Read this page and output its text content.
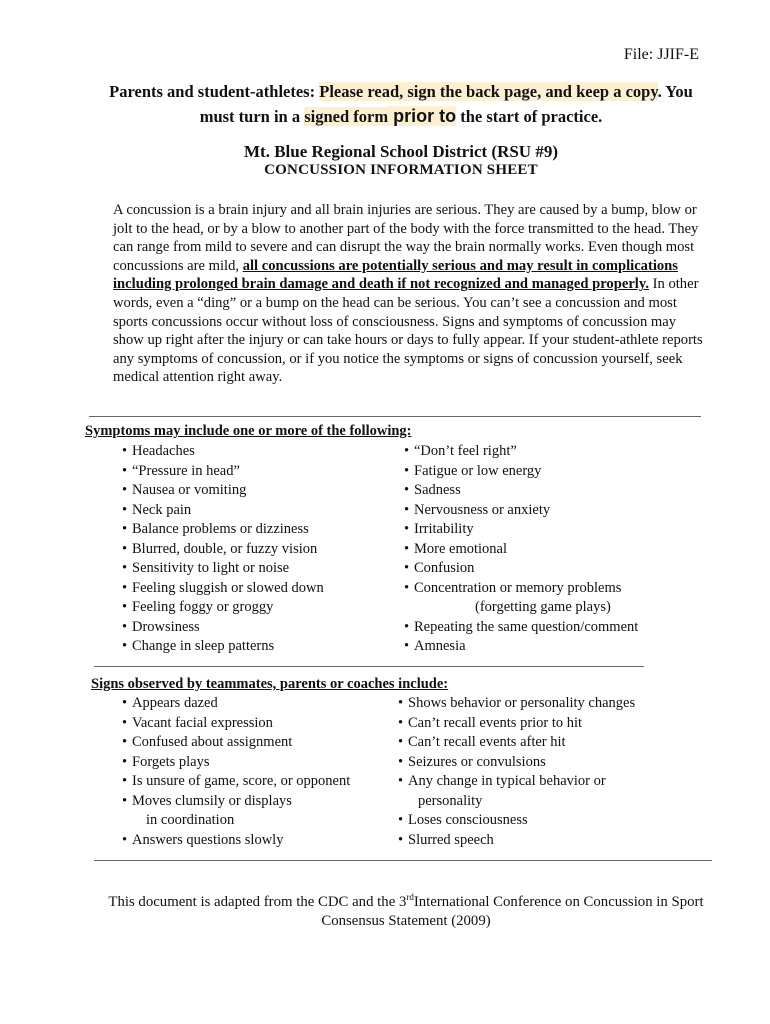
File: JJIF-E
Parents and student-athletes: Please read, sign the back page, and keep a copy. You must turn in a signed form prior to the start of practice.
Mt. Blue Regional School District (RSU #9)
CONCUSSION INFORMATION SHEET
A concussion is a brain injury and all brain injuries are serious. They are caused by a bump, blow or jolt to the head, or by a blow to another part of the body with the force transmitted to the head. They can range from mild to severe and can disrupt the way the brain normally works. Even though most concussions are mild, all concussions are potentially serious and may result in complications including prolonged brain damage and death if not recognized and managed properly. In other words, even a “ding” or a bump on the head can be serious. You can’t see a concussion and most sports concussions occur without loss of consciousness. Signs and symptoms of concussion may show up right after the injury or can take hours or days to fully appear. If your student-athlete reports any symptoms of concussion, or if you notice the symptoms or signs of concussion yourself, seek medical attention right away.
Symptoms may include one or more of the following:
• Headaches
• “Pressure in head”
• Nausea or vomiting
• Neck pain
• Balance problems or dizziness
• Blurred, double, or fuzzy vision
• Sensitivity to light or noise
• Feeling sluggish or slowed down
• Feeling foggy or groggy
• Drowsiness
• Change in sleep patterns
• “Don’t feel right”
• Fatigue or low energy
• Sadness
• Nervousness or anxiety
• Irritability
• More emotional
• Confusion
• Concentration or memory problems
(forgetting game plays)
• Repeating the same question/comment
• Amnesia
Signs observed by teammates, parents or coaches include:
• Appears dazed
• Vacant facial expression
• Confused about assignment
• Forgets plays
• Is unsure of game, score, or opponent
• Moves clumsily or displays
in coordination
• Answers questions slowly
• Shows behavior or personality changes
• Can’t recall events prior to hit
• Can’t recall events after hit
• Seizures or convulsions
• Any change in typical behavior or
personality
• Loses consciousness
• Slurred speech
This document is adapted from the CDC and the 3rdInternational Conference on Concussion in Sport Consensus Statement (2009)
